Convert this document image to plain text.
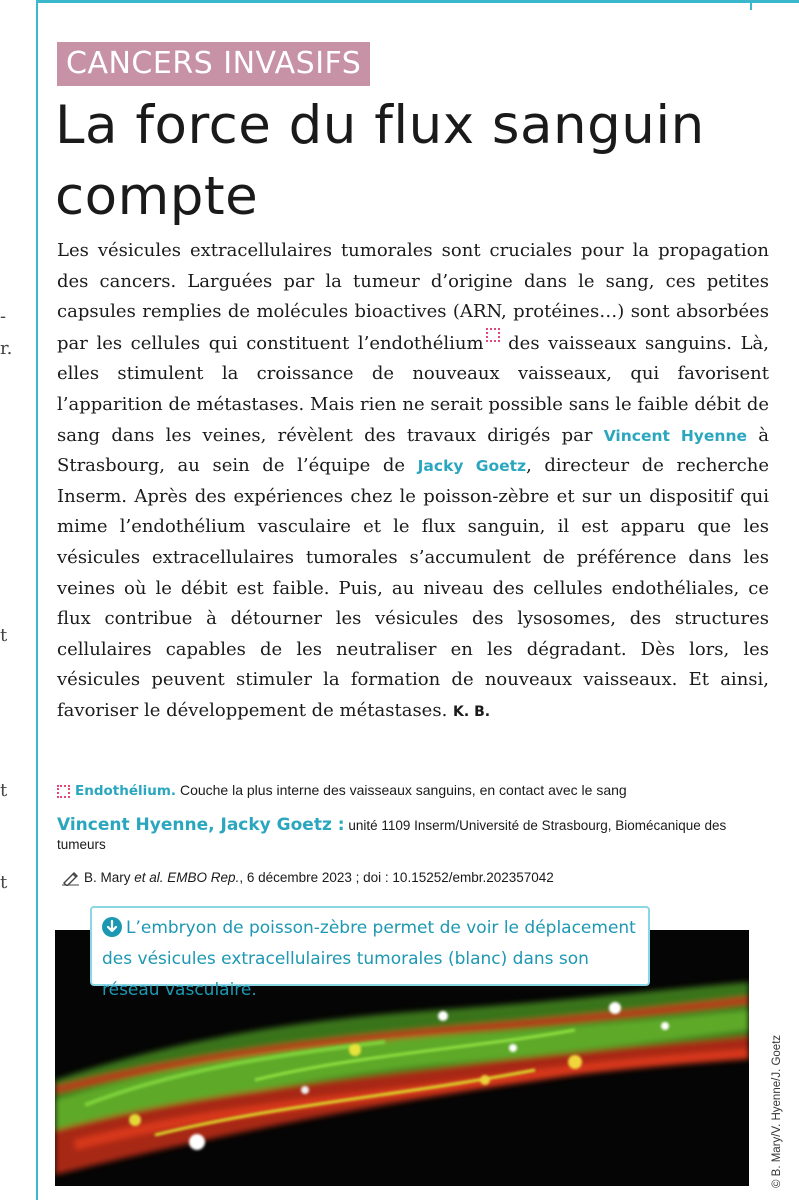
-
r.
t
t
t
CANCERS INVASIFS
La force du flux sanguin compte

Les vésicules extracellulaires tumorales sont cruciales pour la propagation des cancers. Larguées par la tumeur d’origine dans le sang, ces petites capsules remplies de molécules bioactives (ARN, protéines…) sont absorbées par les cellules qui constituent l’endothélium des vaisseaux sanguins. Là, elles stimulent la croissance de nouveaux vaisseaux, qui favorisent l’apparition de métastases. Mais rien ne serait possible sans le faible débit de sang dans les veines, révèlent des travaux dirigés par Vincent Hyenne à Strasbourg, au sein de l’équipe de Jacky Goetz, directeur de recherche Inserm. Après des expériences chez le poisson-zèbre et sur un dispositif qui mime l’endothélium vasculaire et le flux sanguin, il est apparu que les vésicules extracellulaires tumorales s’accumulent de préférence dans les veines où le débit est faible. Puis, au niveau des cellules endothéliales, ce flux contribue à détourner les vésicules des lysosomes, des structures cellulaires capables de les neutraliser en les dégradant. Dès lors, les vésicules peuvent stimuler la formation de nouveaux vaisseaux. Et ainsi, favoriser le développement de métastases. K. B.

Endothélium. Couche la plus interne des vaisseaux sanguins, en contact avec le sang
Vincent Hyenne, Jacky Goetz : unité 1109 Inserm/Université de Strasbourg, Biomécanique des tumeurs
B. Mary et al. EMBO Rep., 6 décembre 2023 ; doi : 10.15252/embr.202357042

L’embryon de poisson-zèbre permet de voir le déplacement des vésicules extracellulaires tumorales (blanc) dans son réseau vasculaire.

© B. Mary/V. Hyenne/J. Goetz
